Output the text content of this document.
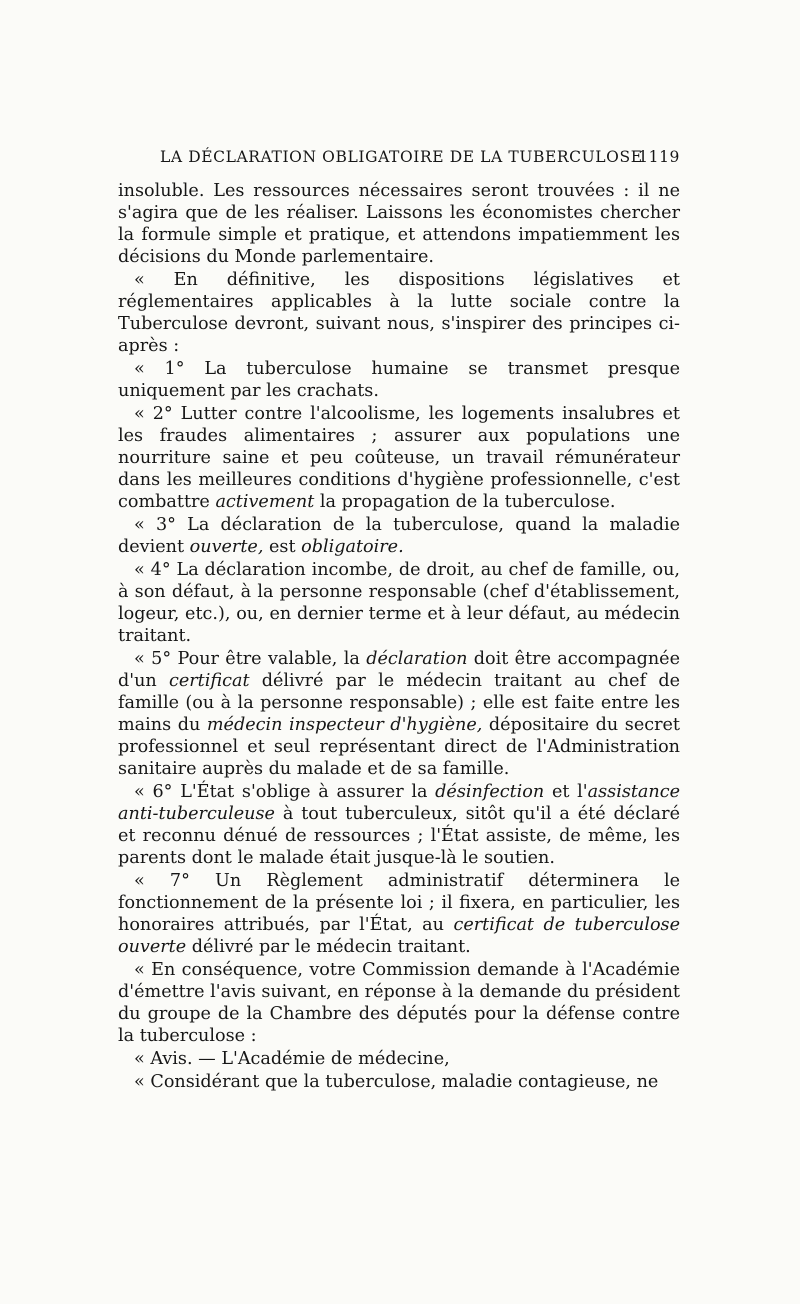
LA DÉCLARATION OBLIGATOIRE DE LA TUBERCULOSE
1119

insoluble. Les ressources nécessaires seront trouvées : il ne s'agira que de les réaliser. Laissons les économistes chercher la formule simple et pratique, et attendons impatiemment les décisions du Monde parlementaire.

« En définitive, les dispositions législatives et réglementaires applicables à la lutte sociale contre la Tuberculose devront, suivant nous, s'inspirer des principes ci-après :

« 1° La tuberculose humaine se transmet presque uniquement par les crachats.

« 2° Lutter contre l'alcoolisme, les logements insalubres et les fraudes alimentaires ; assurer aux populations une nourriture saine et peu coûteuse, un travail rémunérateur dans les meilleures conditions d'hygiène professionnelle, c'est combattre activement la propagation de la tuberculose.

« 3° La déclaration de la tuberculose, quand la maladie devient ouverte, est obligatoire.

« 4° La déclaration incombe, de droit, au chef de famille, ou, à son défaut, à la personne responsable (chef d'établissement, logeur, etc.), ou, en dernier terme et à leur défaut, au médecin traitant.

« 5° Pour être valable, la déclaration doit être accompagnée d'un certificat délivré par le médecin traitant au chef de famille (ou à la personne responsable) ; elle est faite entre les mains du médecin inspecteur d'hygiène, dépositaire du secret professionnel et seul représentant direct de l'Administration sanitaire auprès du malade et de sa famille.

« 6° L'État s'oblige à assurer la désinfection et l'assistance anti-tuberculeuse à tout tuberculeux, sitôt qu'il a été déclaré et reconnu dénué de ressources ; l'État assiste, de même, les parents dont le malade était jusque-là le soutien.

« 7° Un Règlement administratif déterminera le fonctionnement de la présente loi ; il fixera, en particulier, les honoraires attribués, par l'État, au certificat de tuberculose ouverte délivré par le médecin traitant.

« En conséquence, votre Commission demande à l'Académie d'émettre l'avis suivant, en réponse à la demande du président du groupe de la Chambre des députés pour la défense contre la tuberculose :

« Avis. — L'Académie de médecine,

« Considérant que la tuberculose, maladie contagieuse, ne
